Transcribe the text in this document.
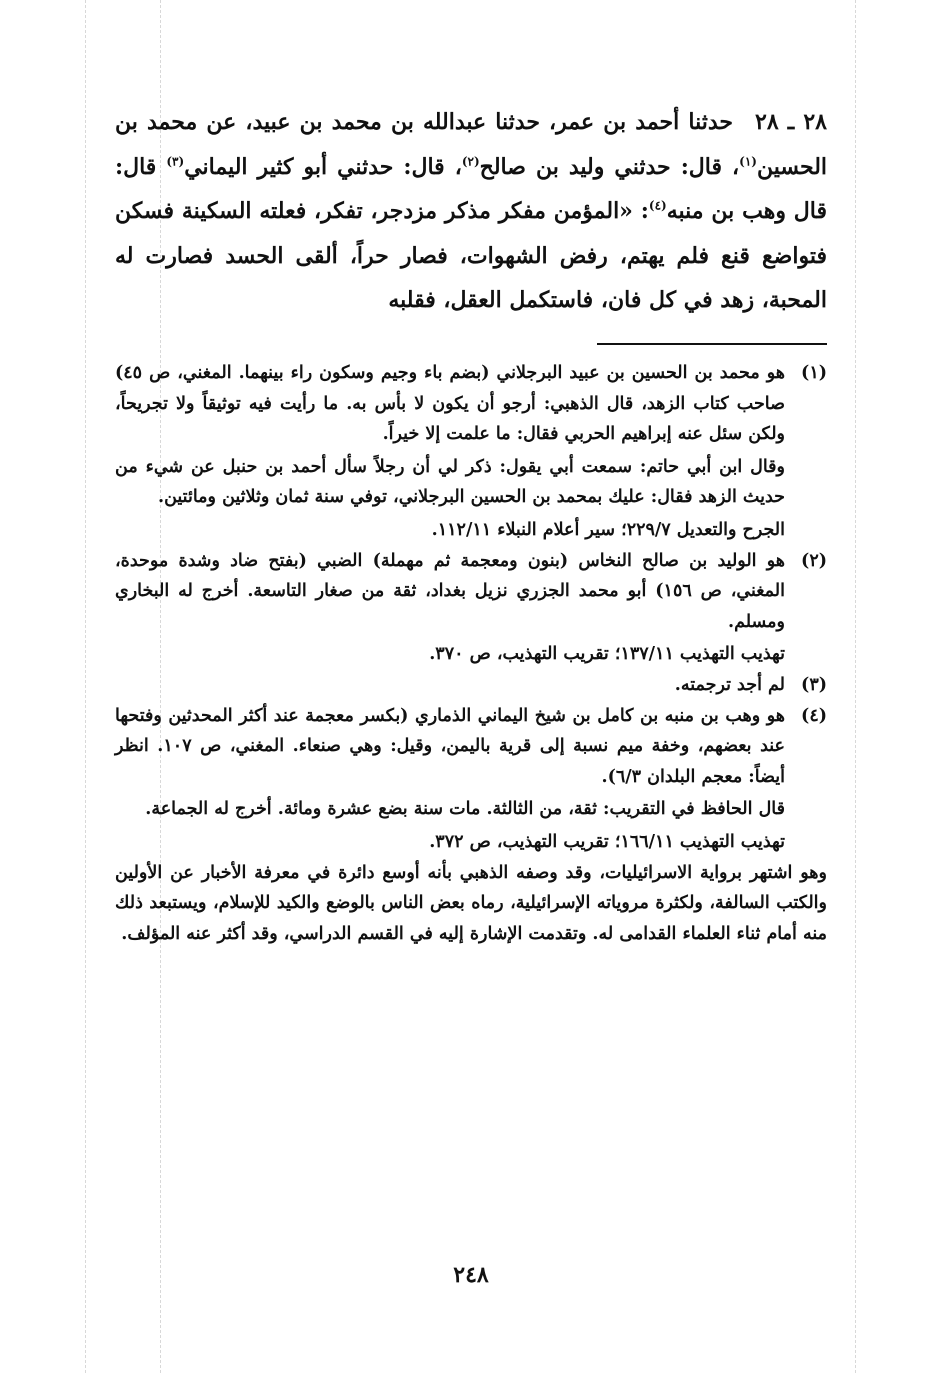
٢٨ ـ ٢٨حدثنا أحمد بن عمر، حدثنا عبدالله بن محمد بن عبيد، عن محمد بن الحسين$^{(١)}$، قال: حدثني وليد بن صالح$^{(٢)}$، قال: حدثني أبو كثير اليماني$^{(٣)}$ قال: قال وهب بن منبه$^{(٤)}$: «المؤمن مفكر مذكر مزدجر، تفكر، فعلته السكينة فسكن فتواضع قنع فلم يهتم، رفض الشهوات، فصار حراً، ألقى الحسد فصارت له المحبة، زهد في كل فان، فاستكمل العقل، فقلبه

(١)

هو محمد بن الحسين بن عبيد البرجلاني (بضم باء وجيم وسكون راء بينهما. المغني، ص ٤٥) صاحب كتاب الزهد، قال الذهبي: أرجو أن يكون لا بأس به. ما رأيت فيه توثيقاً ولا تجريحاً، ولكن سئل عنه إبراهيم الحربي فقال: ما علمت إلا خيراً.

وقال ابن أبي حاتم: سمعت أبي يقول: ذكر لي أن رجلاً سأل أحمد بن حنبل عن شيء من حديث الزهد فقال: عليك بمحمد بن الحسين البرجلاني، توفي سنة ثمان وثلاثين ومائتين.

الجرح والتعديل ٢٢٩/٧؛ سير أعلام النبلاء ١١٢/١١.

(٢)

هو الوليد بن صالح النخاس (بنون ومعجمة ثم مهملة) الضبي (بفتح ضاد وشدة موحدة، المغني، ص ١٥٦) أبو محمد الجزري نزيل بغداد، ثقة من صغار التاسعة. أخرج له البخاري ومسلم.

تهذيب التهذيب ١٣٧/١١؛ تقريب التهذيب، ص ٣٧٠.

(٣)

لم أجد ترجمته.

(٤)

هو وهب بن منبه بن كامل بن شيخ اليماني الذماري (بكسر معجمة عند أكثر المحدثين وفتحها عند بعضهم، وخفة ميم نسبة إلى قرية باليمن، وقيل: وهي صنعاء. المغني، ص ١٠٧. انظر أيضاً: معجم البلدان ٦/٣).

قال الحافظ في التقريب: ثقة، من الثالثة. مات سنة بضع عشرة ومائة. أخرج له الجماعة.

تهذيب التهذيب ١٦٦/١١؛ تقريب التهذيب، ص ٣٧٢.

وهو اشتهر برواية الاسرائيليات، وقد وصفه الذهبي بأنه أوسع دائرة في معرفة الأخبار عن الأولين والكتب السالفة، ولكثرة مروياته الإسرائيلية، رماه بعض الناس بالوضع والكيد للإسلام، ويستبعد ذلك منه أمام ثناء العلماء القدامى له. وتقدمت الإشارة إليه في القسم الدراسي، وقد أكثر عنه المؤلف.

٢٤٨
